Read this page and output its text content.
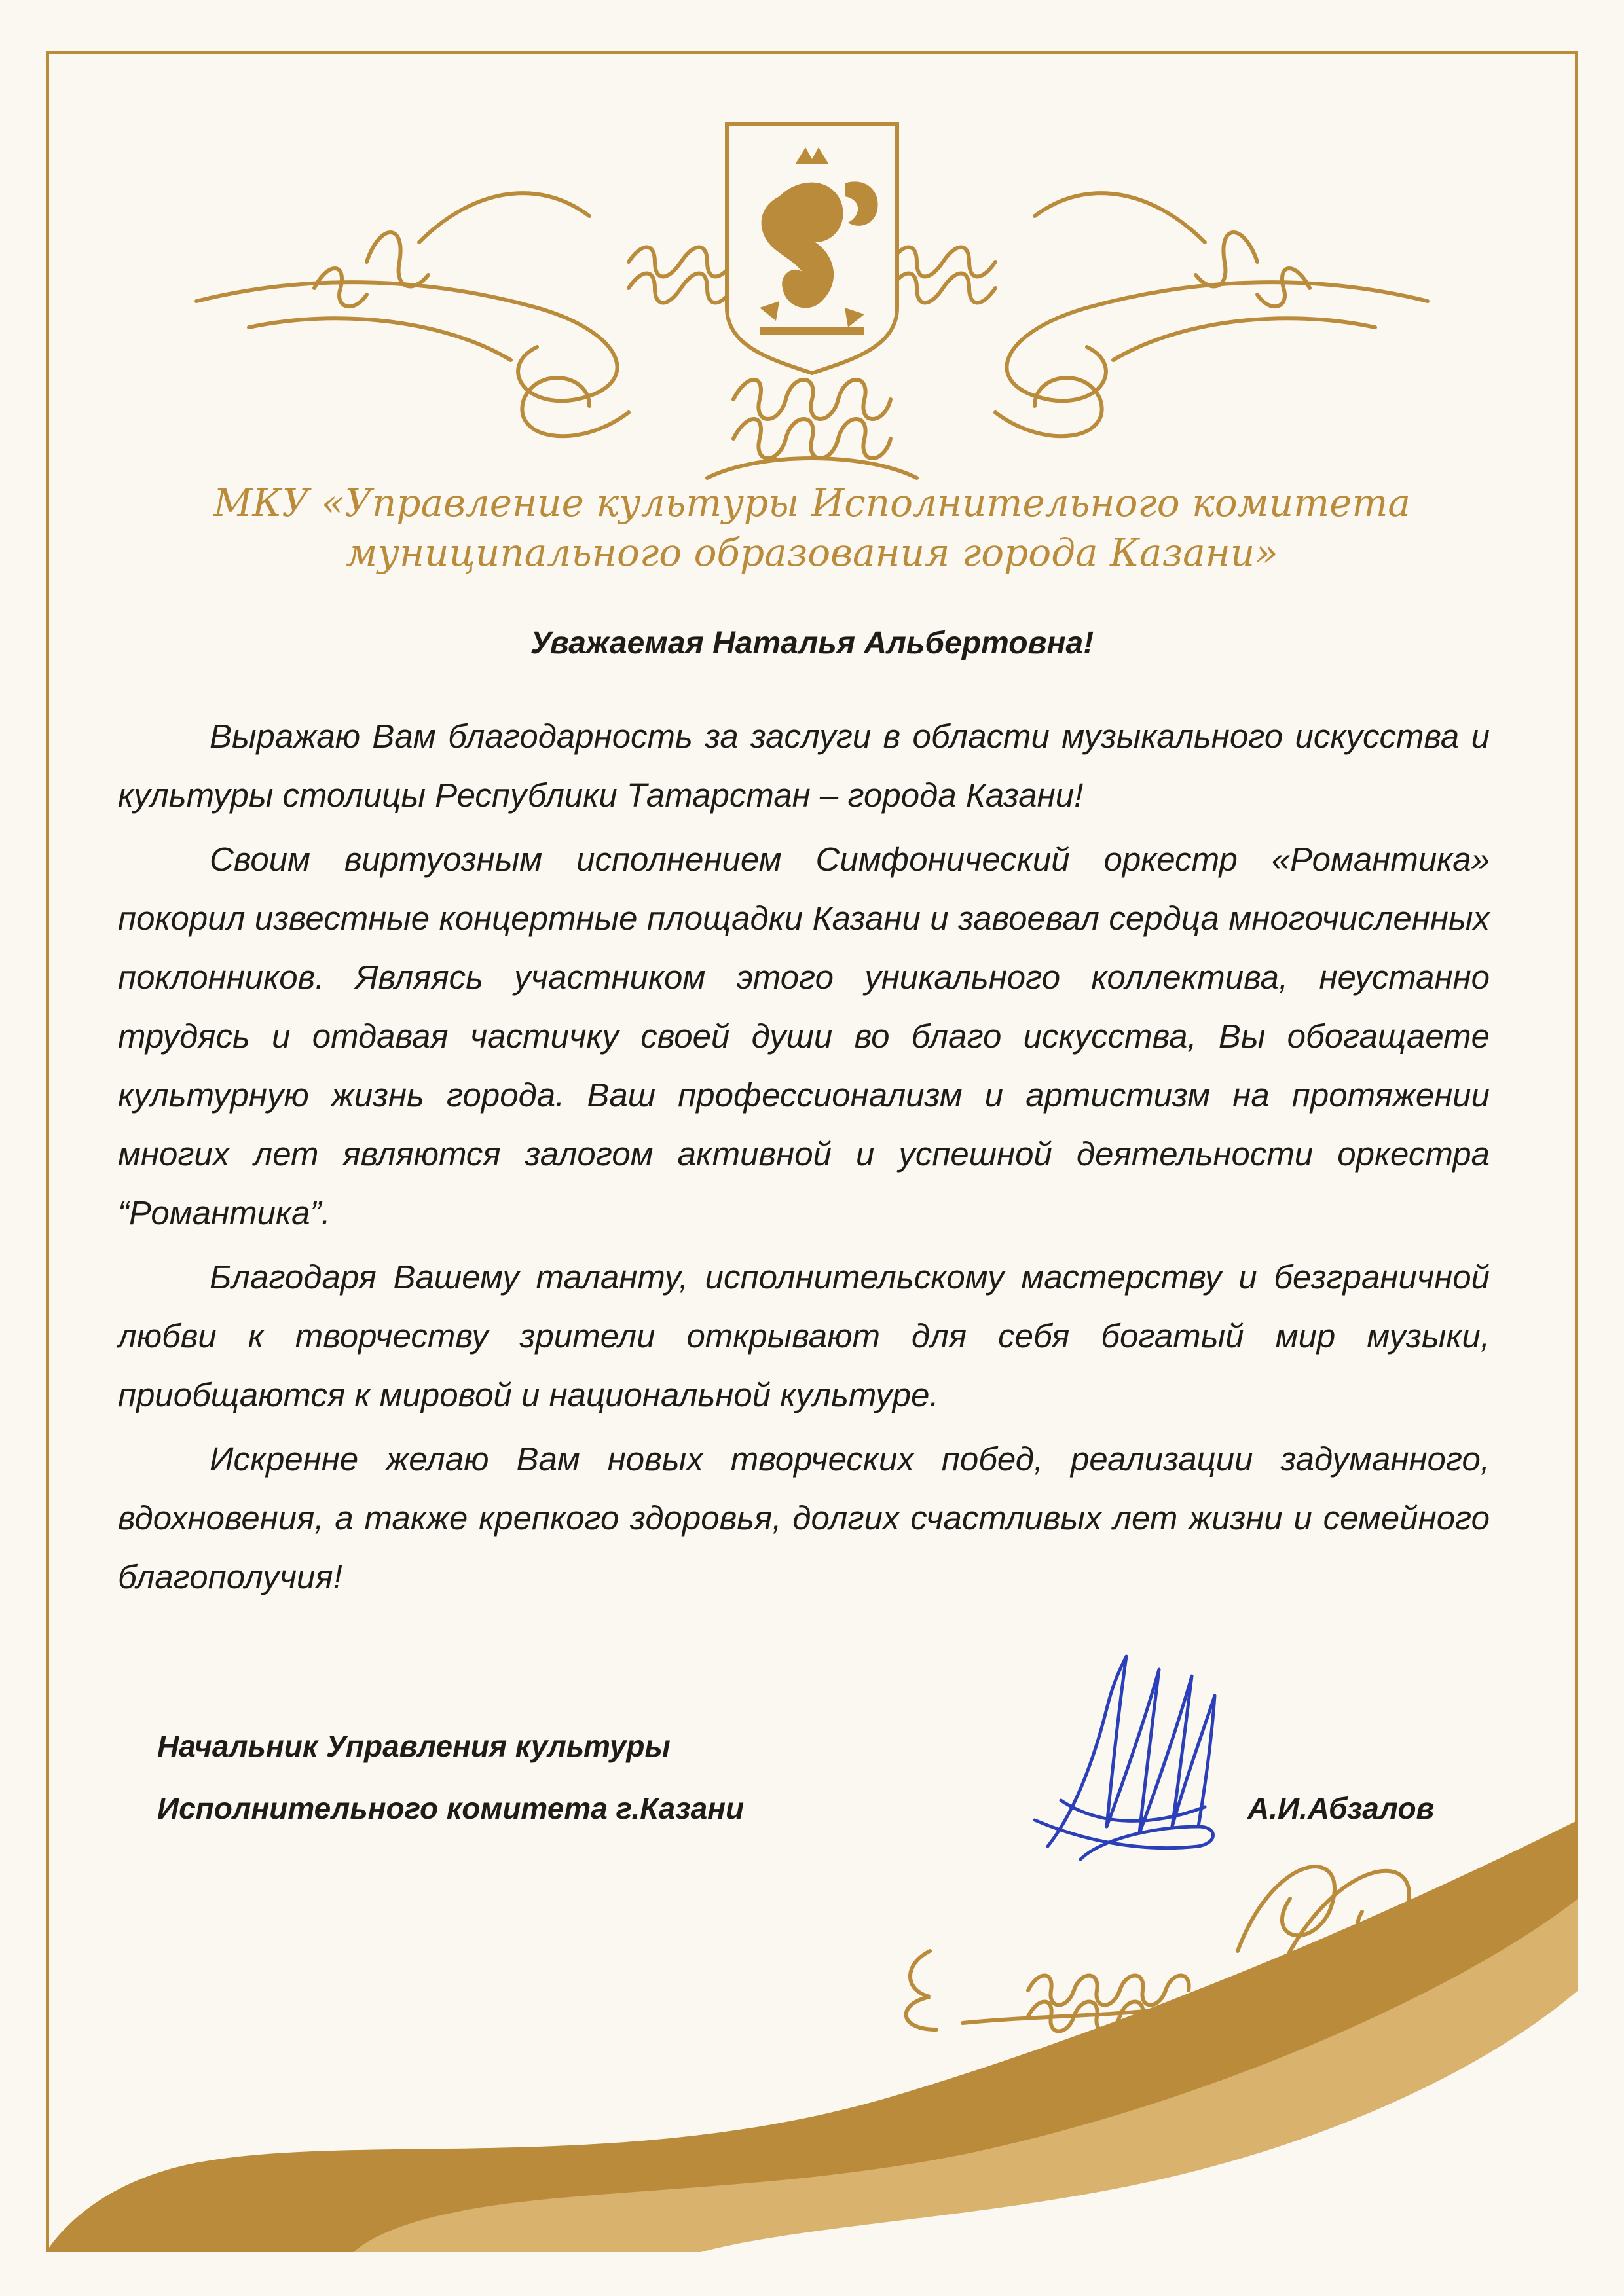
МКУ «Управление культуры Исполнительного комитета
муниципального образования города Казани»
Уважаемая Наталья Альбертовна!

Выражаю Вам благодарность за заслуги в области музыкального искусства и культуры столицы Республики Татарстан – города Казани!

Своим виртуозным исполнением Симфонический оркестр «Романтика» покорил известные концертные площадки Казани и завоевал сердца многочисленных поклонников. Являясь участником этого уникального коллектива, неустанно трудясь и отдавая частичку своей души во благо искусства, Вы обогащаете культурную жизнь города. Ваш профессионализм и артистизм на протяжении многих лет являются залогом активной и успешной деятельности оркестра “Романтика”.

Благодаря Вашему таланту, исполнительскому мастерству и безграничной любви к творчеству зрители открывают для себя богатый мир музыки, приобщаются к мировой и национальной культуре.

Искренне желаю Вам новых творческих побед, реализации задуманного, вдохновения, а также крепкого здоровья, долгих счастливых лет жизни и семейного благополучия!

Начальник Управления культуры
Исполнительного комитета г.Казани	А.И.Абзалов
